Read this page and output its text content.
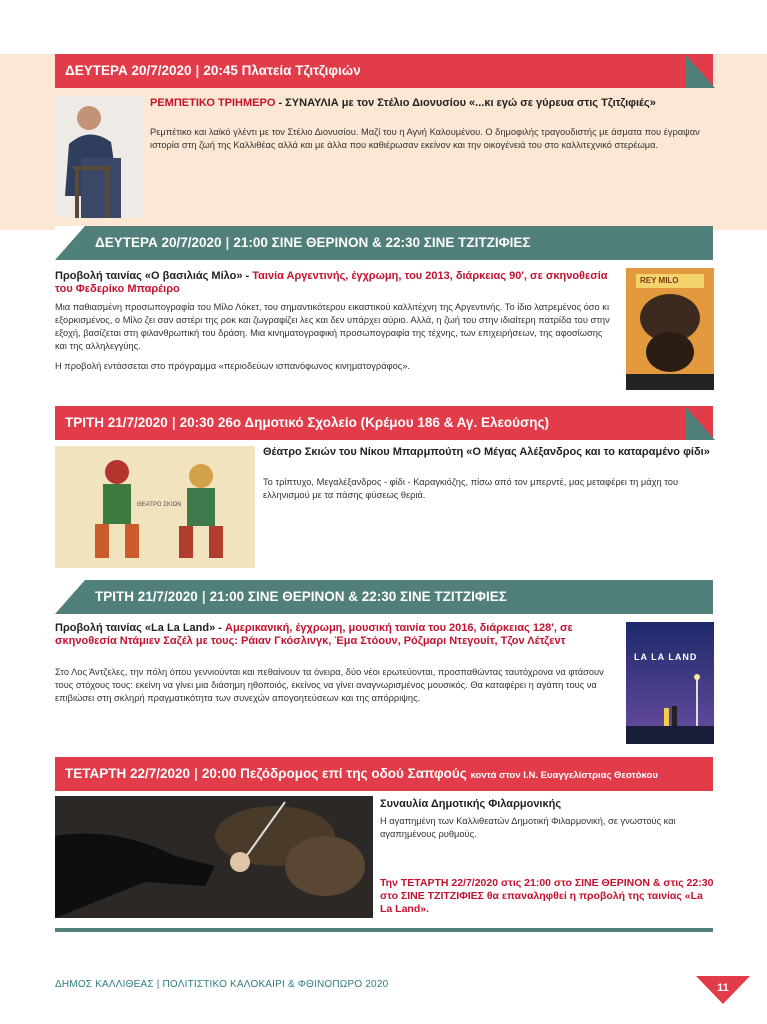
ΔΕΥΤΕΡΑ 20/7/2020 | 20:45 Πλατεία Τζιτζιφιών
ΡΕΜΠΕΤΙΚΟ ΤΡΙΗΜΕΡΟ - ΣΥΝΑΥΛΙΑ με τον Στέλιο Διονυσίου «...κι εγώ σε γύρευα στις Τζιτζιφιές»
Ρεμπέτικο και λαϊκό γλέντι με τον Στέλιο Διονυσίου. Μαζί του η Αγνή Καλουμένου. Ο δημοφιλής τραγουδιστής με άσματα που έγραψαν ιστορία στη ζωή της Καλλιθέας αλλά και με άλλα που καθιέρωσαν εκείνον και την οικογένειά του στο καλλιτεχνικό στερέωμα.
ΔΕΥΤΕΡΑ 20/7/2020 | 21:00 ΣΙΝΕ ΘΕΡΙΝΟΝ & 22:30 ΣΙΝΕ ΤΖΙΤΖΙΦΙΕΣ
Προβολή ταινίας «Ο βασιλιάς Μίλο» - Ταινία Αργεντινής, έγχρωμη, του 2013, διάρκειας 90', σε σκηνοθεσία του Φεδερίκο Μπαρέιρο
Μια παθιασμένη προσωπογραφία του Μίλο Λόκετ, του σημαντικότερου εικαστικού καλλιτέχνη της Αργεντινής. Το ίδιο λατρεμένος όσο κι εξορκισμένος, ο Μίλο ζει σαν αστέρι της ροκ και ζωγραφίζει λες και δεν υπάρχει αύριο. Αλλά, η ζωή του στην ιδιαίτερη πατρίδα του στην εξοχή, βασίζεται στη φιλανθρωπική του δράση. Μια κινηματογραφική προσωπογραφία της τέχνης, των επιχειρήσεων, της αφοσίωσης και της αλληλεγγύης.
Η προβολή εντάσσεται στο πρόγραμμα «περιοδεύων ισπανόφωνος κινηματογράφος».
REY MILO
ΤΡΙΤΗ 21/7/2020 | 20:30 26ο Δημοτικό Σχολείο (Κρέμου 186 & Αγ. Ελεούσης)
ΘΕΑΤΡΟ ΣΚΙΩΝ
Θέατρο Σκιών του Νίκου Μπαρμπούτη «Ο Μέγας Αλέξανδρος και το καταραμένο φίδι»
Το τρίπτυχο, Μεγαλέξανδρος - φίδι - Καραγκιόζης, πίσω από τον μπερντέ, μας μεταφέρει τη μάχη του ελληνισμού με τα πάσης φύσεως θεριά.
ΤΡΙΤΗ 21/7/2020 | 21:00 ΣΙΝΕ ΘΕΡΙΝΟΝ & 22:30 ΣΙΝΕ ΤΖΙΤΖΙΦΙΕΣ
Προβολή ταινίας «La La Land» - Αμερικανική, έγχρωμη, μουσική ταινία του 2016, διάρκειας 128', σε σκηνοθεσία Ντάμιεν Σαζέλ με τους: Ράιαν Γκόσλινγκ, Έμα Στόουν, Ρόζμαρι Ντεγουίτ, Τζον Λέτζεντ
Στο Λος Άντζελες, την πόλη όπου γεννιούνται και πεθαίνουν τα όνειρα, δύο νέοι ερωτεύονται, προσπαθώντας ταυτόχρονα να φτάσουν τους στόχους τους: εκείνη να γίνει μια διάσημη ηθοποιός, εκείνος να γίνει αναγνωρισμένος μουσικός. Θα καταφέρει η αγάπη τους να επιβιώσει στη σκληρή πραγματικότητα των συνεχών απογοητεύσεων και της απόρριψης.
LA LA LAND
ΤΕΤΑΡΤΗ 22/7/2020 | 20:00 Πεζόδρομος επί της οδού Σαπφούς κοντά στον Ι.Ν. Ευαγγελίστριας Θεοτόκου
Συναυλία Δημοτικής Φιλαρμονικής
Η αγαπημένη των Καλλιθεατών Δημοτική Φιλαρμονική, σε γνωστούς και αγαπημένους ρυθμούς.
Την ΤΕΤΑΡΤΗ 22/7/2020 στις 21:00 στο ΣΙΝΕ ΘΕΡΙΝΟΝ & στις 22:30 στο ΣΙΝΕ ΤΖΙΤΖΙΦΙΕΣ θα επαναληφθεί η προβολή της ταινίας «La La Land».
ΔΗΜΟΣ ΚΑΛΛΙΘΕΑΣ | ΠΟΛΙΤΙΣΤΙΚΟ ΚΑΛΟΚΑΙΡΙ & ΦΘΙΝΟΠΩΡΟ 2020	11
